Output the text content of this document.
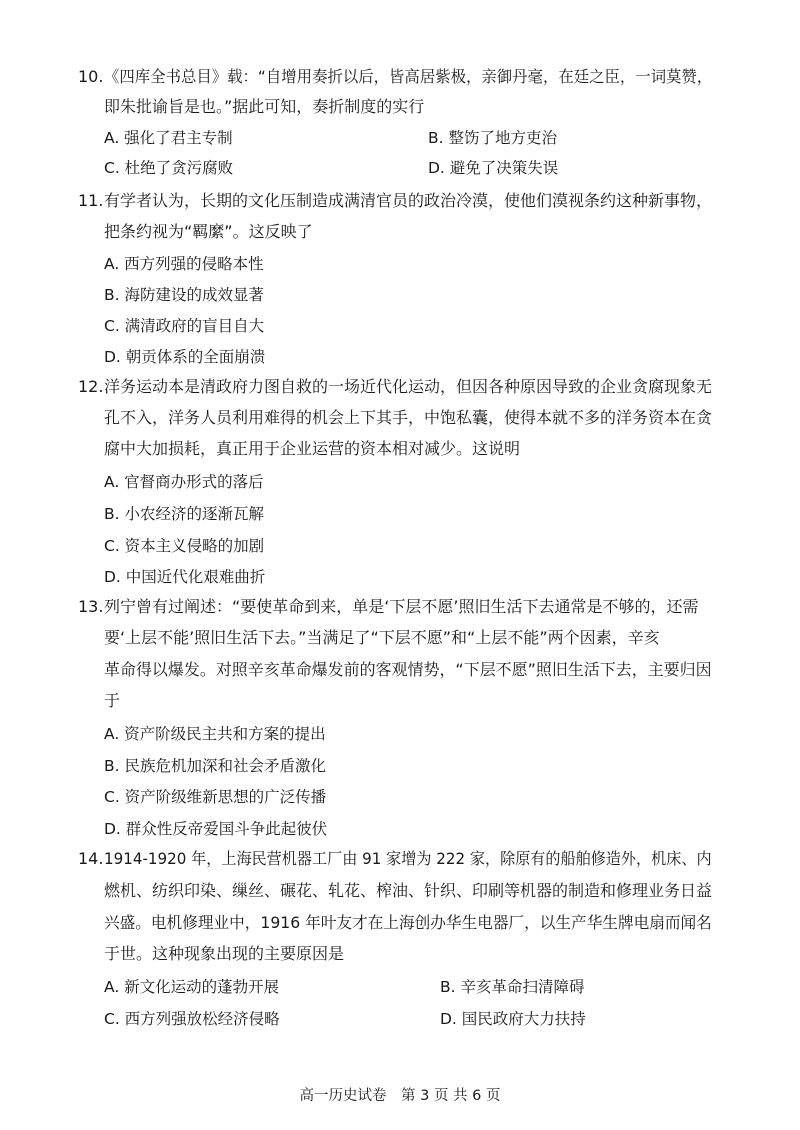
10. 《四库全书总目》载：“自增用奏折以后，皆高居紫极，亲御丹毫，在廷之臣，一词莫赞，
即朱批谕旨是也。”据此可知，奏折制度的实行
A. 强化了君主专制	B. 整饬了地方吏治
C. 杜绝了贪污腐败	D. 避免了决策失误
11. 有学者认为，长期的文化压制造成满清官员的政治冷漠，使他们漠视条约这种新事物，
把条约视为“羁縻”。这反映了
A. 西方列强的侵略本性
B. 海防建设的成效显著
C. 满清政府的盲目自大
D. 朝贡体系的全面崩溃
12. 洋务运动本是清政府力图自救的一场近代化运动，但因各种原因导致的企业贪腐现象无
孔不入，洋务人员利用难得的机会上下其手，中饱私囊，使得本就不多的洋务资本在贪
腐中大加损耗，真正用于企业运营的资本相对减少。这说明
A. 官督商办形式的落后
B. 小农经济的逐渐瓦解
C. 资本主义侵略的加剧
D. 中国近代化艰难曲折
13. 列宁曾有过阐述：“要使革命到来，单是‘下层不愿’照旧生活下去通常是不够的，还需
要‘上层不能’照旧生活下去。”当满足了“下层不愿”和“上层不能”两个因素，辛亥
革命得以爆发。对照辛亥革命爆发前的客观情势，“下层不愿”照旧生活下去，主要归因
于
A. 资产阶级民主共和方案的提出
B. 民族危机加深和社会矛盾激化
C. 资产阶级维新思想的广泛传播
D. 群众性反帝爱国斗争此起彼伏
14. 1914-1920 年，上海民营机器工厂由 91 家增为 222 家，除原有的船舶修造外，机床、内
燃机、纺织印染、缫丝、碾花、轧花、榨油、针织、印刷等机器的制造和修理业务日益
兴盛。电机修理业中，1916 年叶友才在上海创办华生电器厂，以生产华生牌电扇而闻名
于世。这种现象出现的主要原因是
A. 新文化运动的蓬勃开展	B. 辛亥革命扫清障碍
C. 西方列强放松经济侵略	D. 国民政府大力扶持
高一历史试卷　第 3 页 共 6 页
